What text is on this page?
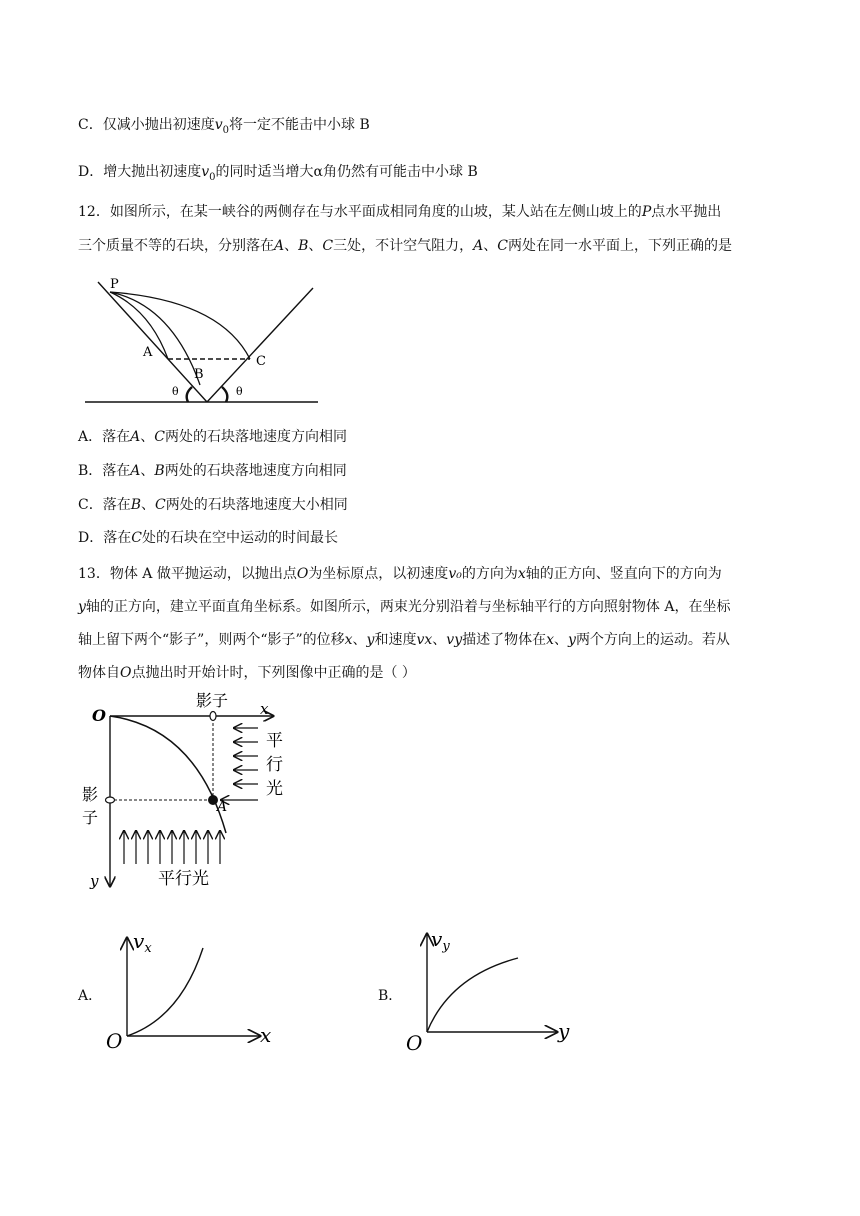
C．仅减小抛出初速度$v_0$将一定不能击中小球 B
D．增大抛出初速度$v_0$的同时适当增大α角仍然有可能击中小球 B
12．如图所示，在某一峡谷的两侧存在与水平面成相同角度的山坡，某人站在左侧山坡上的P点水平抛出
三个质量不等的石块，分别落在A、B、C三处，不计空气阻力，A、C两处在同一水平面上，下列正确的是
P
A
B
C
θ	θ
A．落在A、C两处的石块落地速度方向相同
B．落在A、B两处的石块落地速度方向相同
C．落在B、C两处的石块落地速度大小相同
D．落在C处的石块在空中运动的时间最长
13．物体 A 做平抛运动，以抛出点O为坐标原点，以初速度v₀的方向为x轴的正方向、竖直向下的方向为
y轴的正方向，建立平面直角坐标系。如图所示，两束光分别沿着与坐标轴平行的方向照射物体 A，在坐标
轴上留下两个“影子”，则两个“影子”的位移x、y和速度vx、vy描述了物体在x、y两个方向上的运动。若从
物体自O点抛出时开始计时，下列图像中正确的是（ ）
O	x
y
A
影子
影
子
平
行
光
平行光
A．
O	x
$v_x$
B．
O	y
$v_y$
